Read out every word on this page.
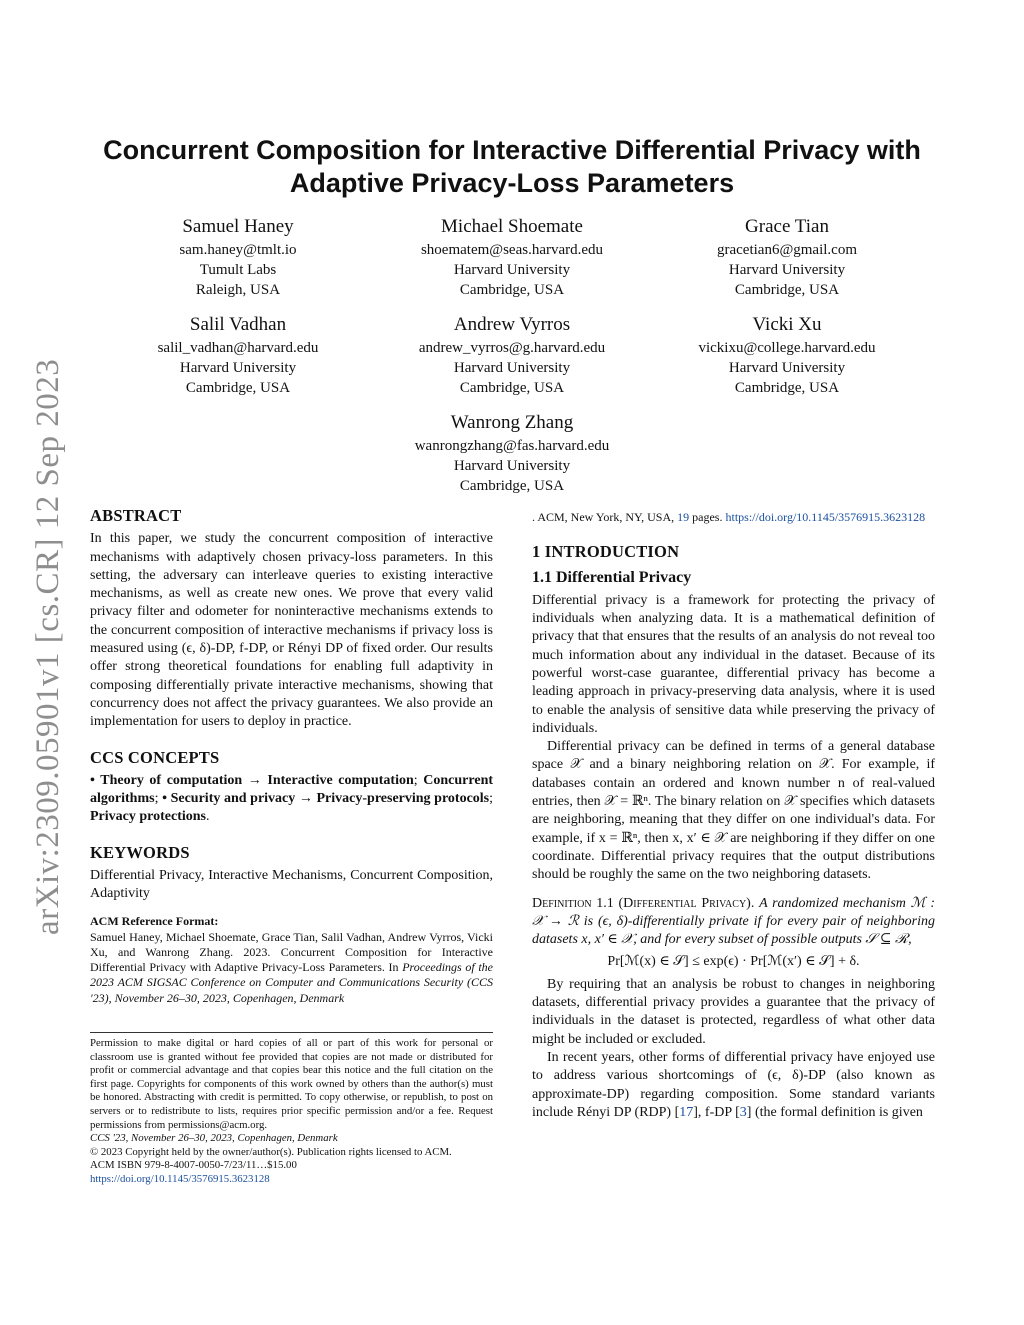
arXiv:2309.05901v1 [cs.CR] 12 Sep 2023
Concurrent Composition for Interactive Differential Privacy with
Adaptive Privacy-Loss Parameters
Samuel Haney
sam.haney@tmlt.io
Tumult Labs
Raleigh, USA
Michael Shoemate
shoematem@seas.harvard.edu
Harvard University
Cambridge, USA
Grace Tian
gracetian6@gmail.com
Harvard University
Cambridge, USA
Salil Vadhan
salil_vadhan@harvard.edu
Harvard University
Cambridge, USA
Andrew Vyrros
andrew_vyrros@g.harvard.edu
Harvard University
Cambridge, USA
Vicki Xu
vickixu@college.harvard.edu
Harvard University
Cambridge, USA
Wanrong Zhang
wanrongzhang@fas.harvard.edu
Harvard University
Cambridge, USA
ABSTRACT

In this paper, we study the concurrent composition of interactive mechanisms with adaptively chosen privacy-loss parameters. In this setting, the adversary can interleave queries to existing interactive mechanisms, as well as create new ones. We prove that every valid privacy filter and odometer for noninteractive mechanisms extends to the concurrent composition of interactive mechanisms if privacy loss is measured using (ϵ, δ)-DP, f-DP, or Rényi DP of fixed order. Our results offer strong theoretical foundations for enabling full adaptivity in composing differentially private interactive mechanisms, showing that concurrency does not affect the privacy guarantees. We also provide an implementation for users to deploy in practice.

CCS CONCEPTS

• Theory of computation → Interactive computation; Concurrent algorithms; • Security and privacy → Privacy-preserving protocols; Privacy protections.

KEYWORDS

Differential Privacy, Interactive Mechanisms, Concurrent Composition, Adaptivity

ACM Reference Format:

Samuel Haney, Michael Shoemate, Grace Tian, Salil Vadhan, Andrew Vyrros, Vicki Xu, and Wanrong Zhang. 2023. Concurrent Composition for Interactive Differential Privacy with Adaptive Privacy-Loss Parameters. In Proceedings of the 2023 ACM SIGSAC Conference on Computer and Communications Security (CCS '23), November 26–30, 2023, Copenhagen, Denmark

Permission to make digital or hard copies of all or part of this work for personal or classroom use is granted without fee provided that copies are not made or distributed for profit or commercial advantage and that copies bear this notice and the full citation on the first page. Copyrights for components of this work owned by others than the author(s) must be honored. Abstracting with credit is permitted. To copy otherwise, or republish, to post on servers or to redistribute to lists, requires prior specific permission and/or a fee. Request permissions from permissions@acm.org.

CCS '23, November 26–30, 2023, Copenhagen, Denmark

© 2023 Copyright held by the owner/author(s). Publication rights licensed to ACM.

ACM ISBN 979-8-4007-0050-7/23/11…$15.00

https://doi.org/10.1145/3576915.3623128

. ACM, New York, NY, USA, 19 pages. https://doi.org/10.1145/3576915.3623128

1 INTRODUCTION
1.1 Differential Privacy

Differential privacy is a framework for protecting the privacy of individuals when analyzing data. It is a mathematical definition of privacy that that ensures that the results of an analysis do not reveal too much information about any individual in the dataset. Because of its powerful worst-case guarantee, differential privacy has become a leading approach in privacy-preserving data analysis, where it is used to enable the analysis of sensitive data while preserving the privacy of individuals.

Differential privacy can be defined in terms of a general database space 𝒳 and a binary neighboring relation on 𝒳. For example, if databases contain an ordered and known number n of real-valued entries, then 𝒳 = ℝⁿ. The binary relation on 𝒳 specifies which datasets are neighboring, meaning that they differ on one individual's data. For example, if x = ℝⁿ, then x, x′ ∈ 𝒳 are neighboring if they differ on one coordinate. Differential privacy requires that the output distributions should be roughly the same on the two neighboring datasets.

Definition 1.1 (Differential Privacy). A randomized mechanism ℳ : 𝒳 → ℛ is (ϵ, δ)-differentially private if for every pair of neighboring datasets x, x′ ∈ 𝒳, and for every subset of possible outputs 𝒮 ⊆ ℛ,

Pr[ℳ(x) ∈ 𝒮] ≤ exp(ϵ) · Pr[ℳ(x′) ∈ 𝒮] + δ.

By requiring that an analysis be robust to changes in neighboring datasets, differential privacy provides a guarantee that the privacy of individuals in the dataset is protected, regardless of what other data might be included or excluded.

In recent years, other forms of differential privacy have enjoyed use to address various shortcomings of (ϵ, δ)-DP (also known as approximate-DP) regarding composition. Some standard variants include Rényi DP (RDP) [17], f-DP [3] (the formal definition is given
